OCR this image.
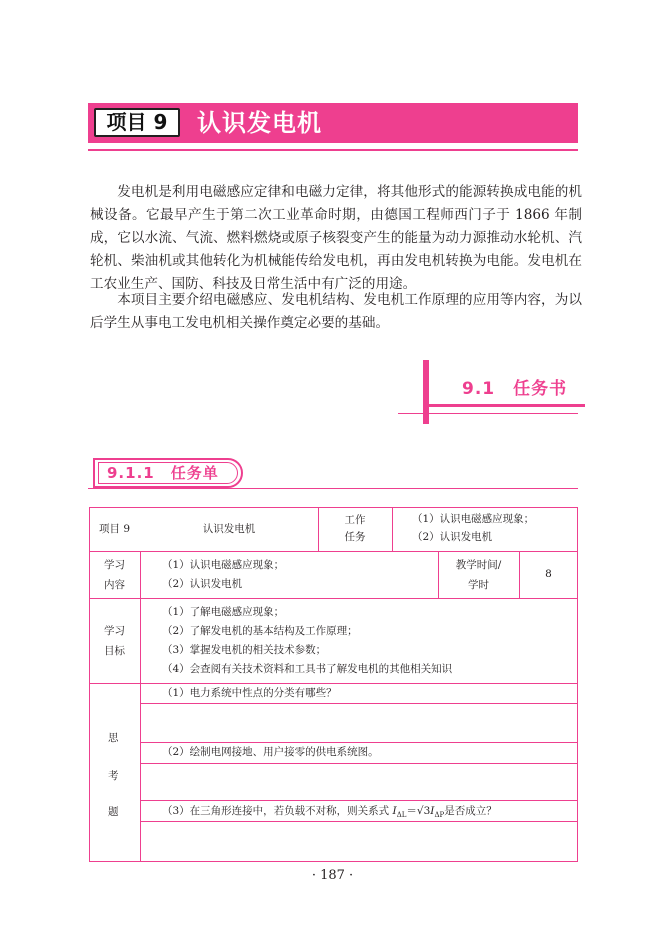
项目 9	认识发电机

发电机是利用电磁感应定律和电磁力定律，将其他形式的能源转换成电能的机械设备。它最早产生于第二次工业革命时期，由德国工程师西门子于 1866 年制成，它以水流、气流、燃料燃烧或原子核裂变产生的能量为动力源推动水轮机、汽轮机、柴油机或其他转化为机械能传给发电机，再由发电机转换为电能。发电机在工农业生产、国防、科技及日常生活中有广泛的用途。

本项目主要介绍电磁感应、发电机结构、发电机工作原理的应用等内容，为以后学生从事电工发电机相关操作奠定必要的基础。

9.1　任务书
9.1.1　任务单
项目 9	认识发电机
工作
任务
（1）认识电磁感应现象；
（2）认识发电机
学习
内容
（1）认识电磁感应现象；
（2）认识发电机
教学时间/
学时
8
学习
目标
（1）了解电磁感应现象；
（2）了解发电机的基本结构及工作原理；
（3）掌握发电机的相关技术参数；
（4）会查阅有关技术资料和工具书了解发电机的其他相关知识
思
考
题
（1）电力系统中性点的分类有哪些？
（2）绘制电网接地、用户接零的供电系统图。
（3）在三角形连接中，若负载不对称，则关系式 $I_{\Delta L}=√3I_{\Delta P}$是否成立？
· 187 ·
